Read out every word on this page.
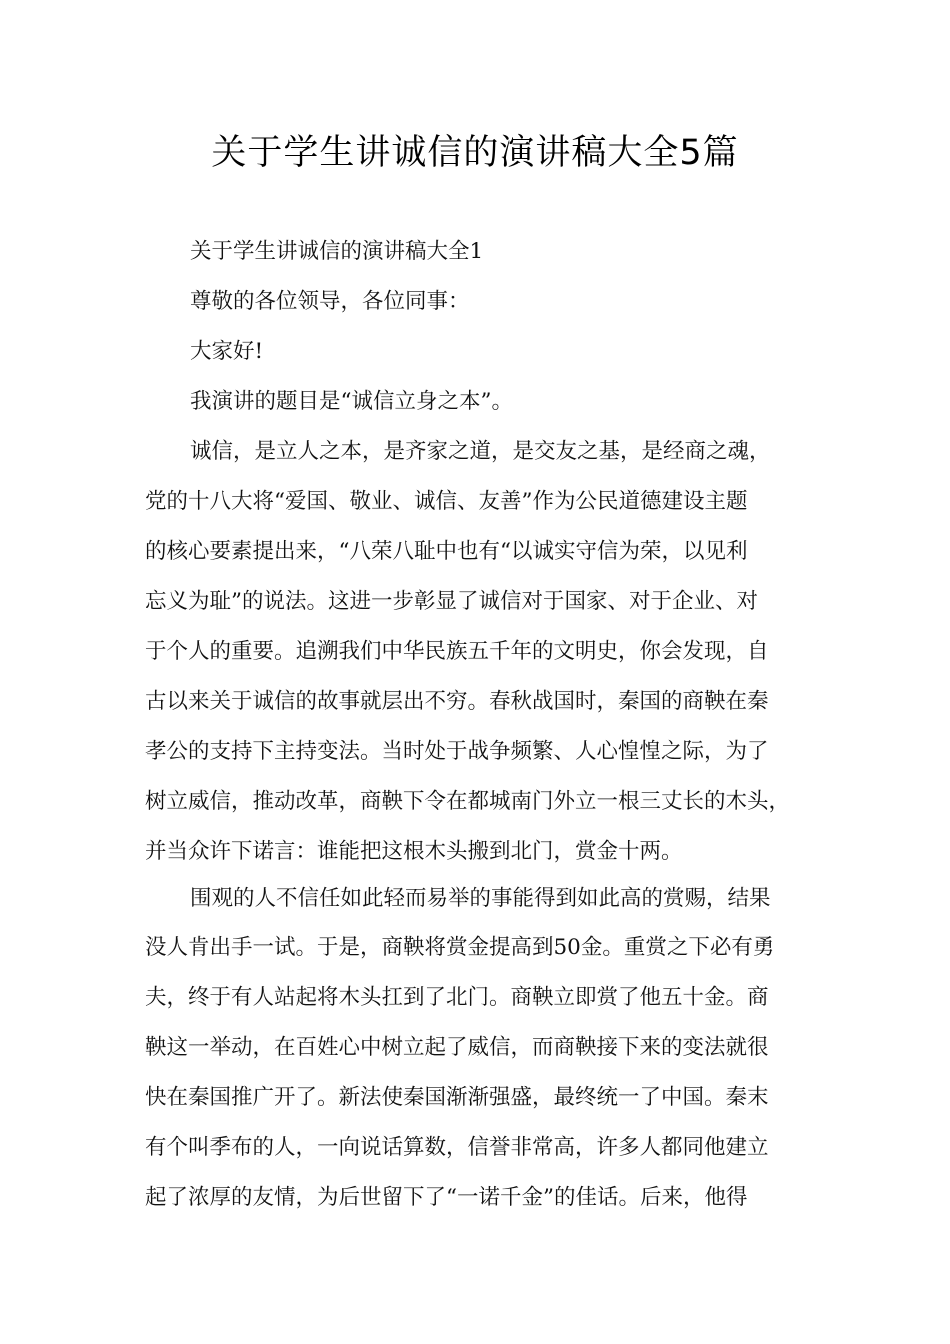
关于学生讲诚信的演讲稿大全5篇

关于学生讲诚信的演讲稿大全1

尊敬的各位领导，各位同事：

大家好!

我演讲的题目是“诚信立身之本”。

诚信，是立人之本，是齐家之道，是交友之基，是经商之魂，

党的十八大将“爱国、敬业、诚信、友善”作为公民道德建设主题

的核心要素提出来，“八荣八耻中也有“以诚实守信为荣，以见利

忘义为耻”的说法。这进一步彰显了诚信对于国家、对于企业、对

于个人的重要。追溯我们中华民族五千年的文明史，你会发现，自

古以来关于诚信的故事就层出不穷。春秋战国时，秦国的商鞅在秦

孝公的支持下主持变法。当时处于战争频繁、人心惶惶之际，为了

树立威信，推动改革，商鞅下令在都城南门外立一根三丈长的木头，

并当众许下诺言：谁能把这根木头搬到北门，赏金十两。

围观的人不信任如此轻而易举的事能得到如此高的赏赐，结果

没人肯出手一试。于是，商鞅将赏金提高到50金。重赏之下必有勇

夫，终于有人站起将木头扛到了北门。商鞅立即赏了他五十金。商

鞅这一举动，在百姓心中树立起了威信，而商鞅接下来的变法就很

快在秦国推广开了。新法使秦国渐渐强盛，最终统一了中国。秦末

有个叫季布的人，一向说话算数，信誉非常高，许多人都同他建立

起了浓厚的友情，为后世留下了“一诺千金”的佳话。后来，他得
